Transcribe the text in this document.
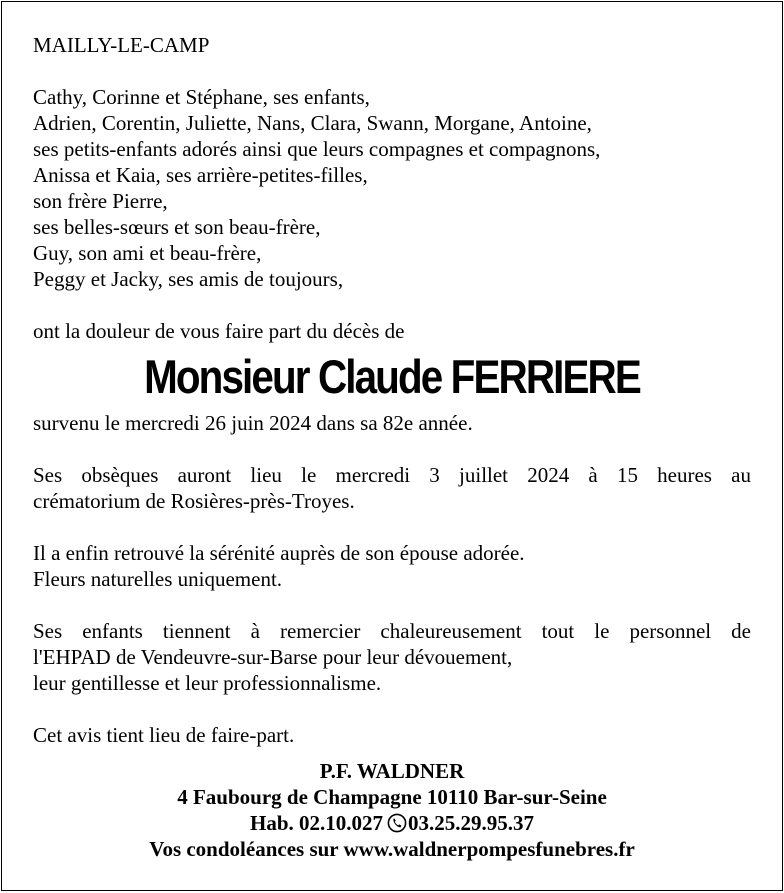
MAILLY-LE-CAMP
Cathy, Corinne et Stéphane, ses enfants,
Adrien, Corentin, Juliette, Nans, Clara, Swann, Morgane, Antoine,
ses petits-enfants adorés ainsi que leurs compagnes et compagnons,
Anissa et Kaia, ses arrière-petites-filles,
son frère Pierre,
ses belles-sœurs et son beau-frère,
Guy, son ami et beau-frère,
Peggy et Jacky, ses amis de toujours,
ont la douleur de vous faire part du décès de
Monsieur Claude FERRIERE
survenu le mercredi 26 juin 2024 dans sa 82e année.
Ses obsèques auront lieu le mercredi 3 juillet 2024 à 15 heures au
crématorium de Rosières-près-Troyes.
Il a enfin retrouvé la sérénité auprès de son épouse adorée.
Fleurs naturelles uniquement.
Ses enfants tiennent à remercier chaleureusement tout le personnel de
l'EHPAD de Vendeuvre-sur-Barse pour leur dévouement,
leur gentillesse et leur professionnalisme.
Cet avis tient lieu de faire-part.
P.F. WALDNER
4 Faubourg de Champagne 10110 Bar-sur-Seine
Hab. 02.10.027 03.25.29.95.37
Vos condoléances sur www.waldnerpompesfunebres.fr
